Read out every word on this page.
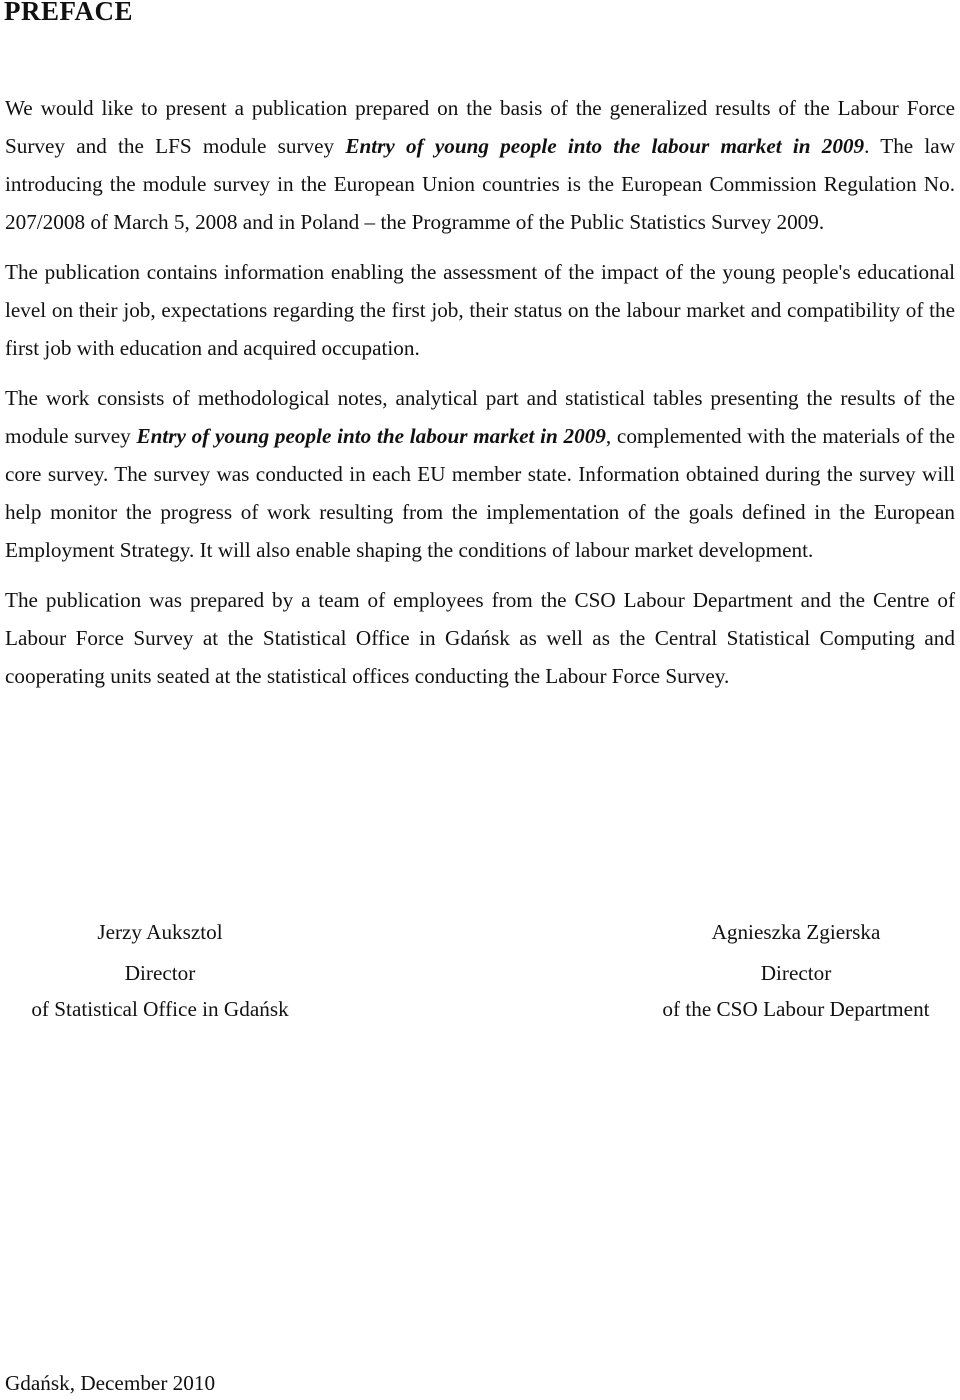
PREFACE

We would like to present a publication prepared on the basis of the generalized results of the Labour Force Survey and the LFS module survey Entry of young people into the labour market in 2009. The law introducing the module survey in the European Union countries is the European Commission Regulation No. 207/2008 of March 5, 2008 and in Poland – the Programme of the Public Statistics Survey 2009.

The publication contains information enabling the assessment of the impact of the young people's educational level on their job, expectations regarding the first job, their status on the labour market and compatibility of the first job with education and acquired occupation.

The work consists of methodological notes, analytical part and statistical tables presenting the results of the module survey Entry of young people into the labour market in 2009, complemented with the materials of the core survey. The survey was conducted in each EU member state. Information obtained during the survey will help monitor the progress of work resulting from the implementation of the goals defined in the European Employment Strategy. It will also enable shaping the conditions of labour market development.

The publication was prepared by a team of employees from the CSO Labour Department and the Centre of Labour Force Survey at the Statistical Office in Gdańsk as well as the Central Statistical Computing and cooperating units seated at the statistical offices conducting the Labour Force Survey.

Jerzy Auksztol

Director

of Statistical Office in Gdańsk

Agnieszka Zgierska

Director

of the CSO Labour Department

Gdańsk, December 2010
